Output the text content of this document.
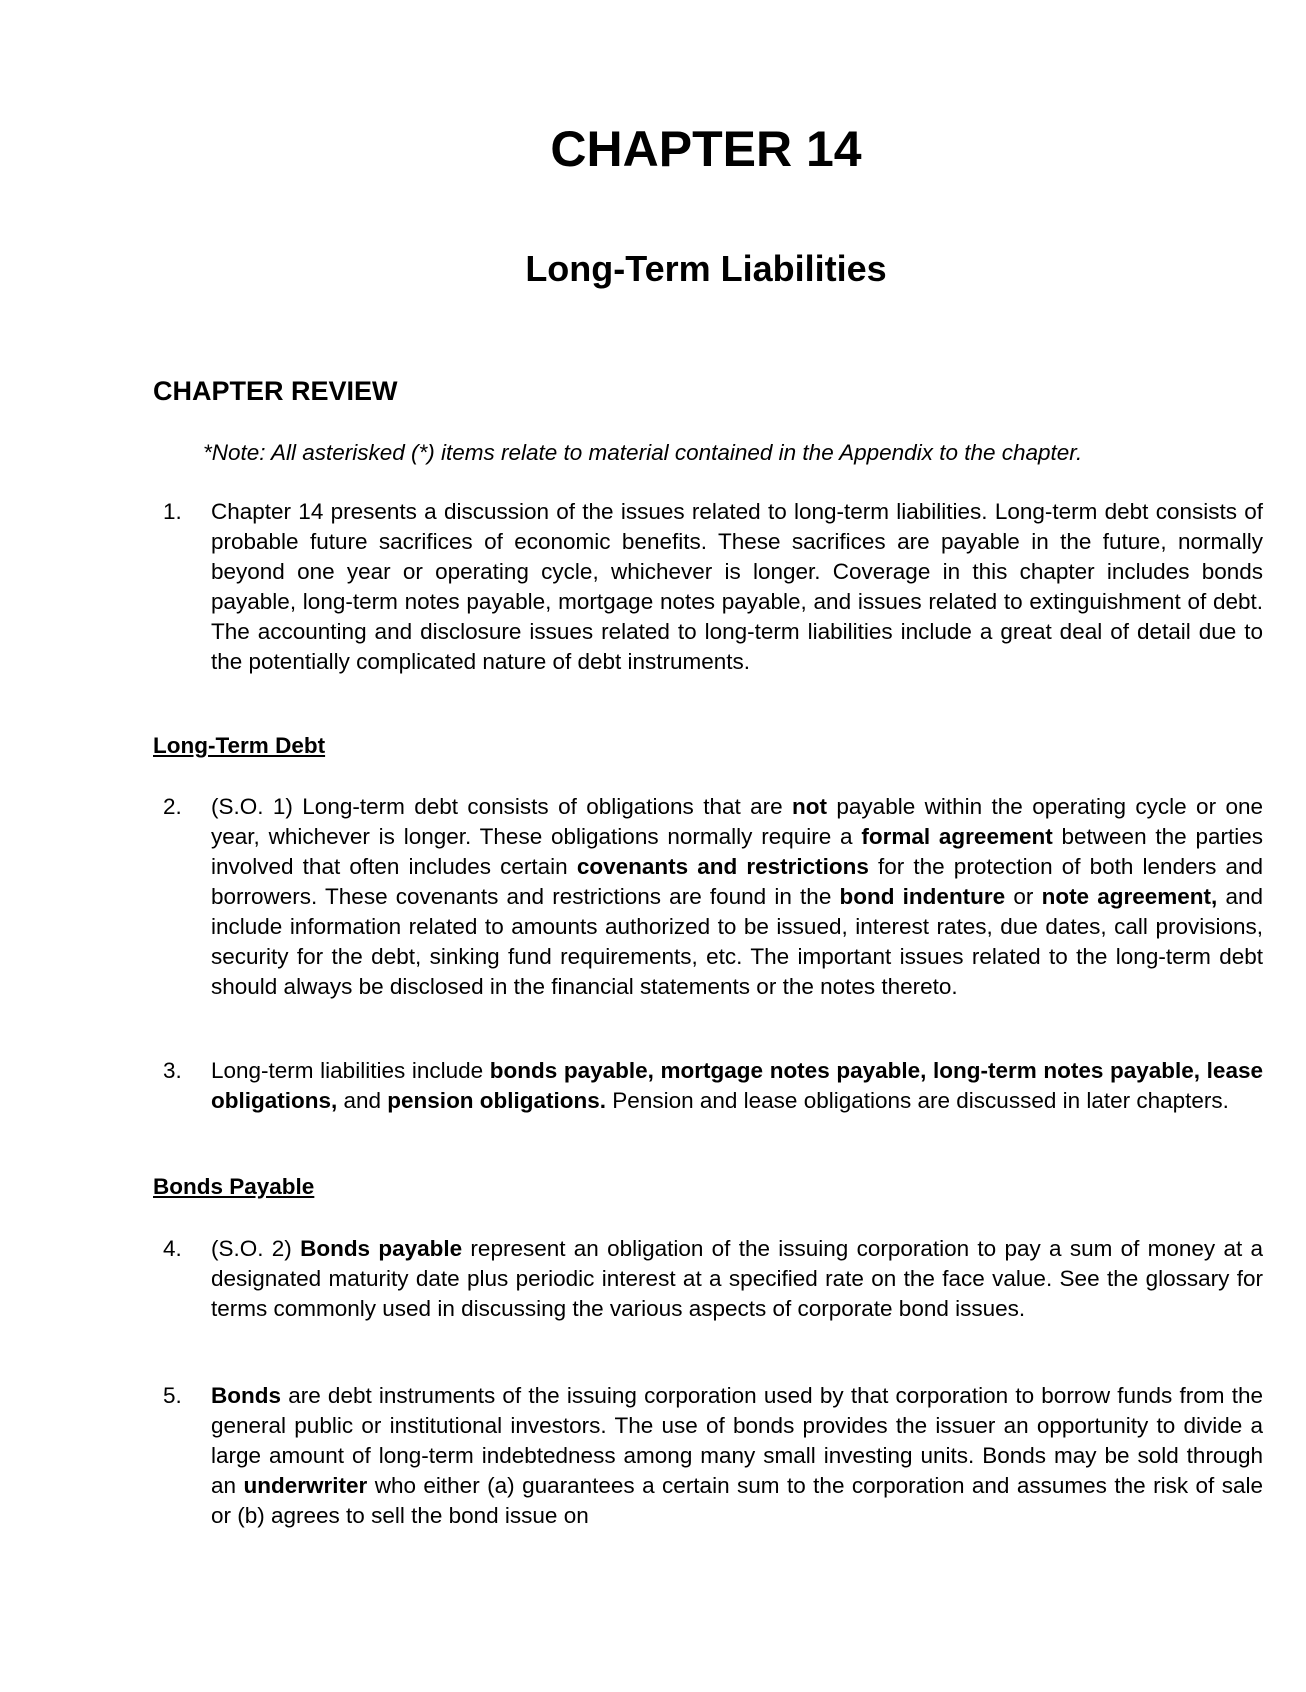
CHAPTER 14
Long-Term Liabilities
CHAPTER REVIEW
*Note: All asterisked (*) items relate to material contained in the Appendix to the chapter.
1.	Chapter 14 presents a discussion of the issues related to long-term liabilities. Long-term debt consists of probable future sacrifices of economic benefits. These sacrifices are payable in the future, normally beyond one year or operating cycle, whichever is longer. Coverage in this chapter includes bonds payable, long-term notes payable, mortgage notes payable, and issues related to extinguishment of debt. The accounting and disclosure issues related to long-term liabilities include a great deal of detail due to the potentially complicated nature of debt instruments.
Long-Term Debt
2.	(S.O. 1) Long-term debt consists of obligations that are not payable within the operating cycle or one year, whichever is longer. These obligations normally require a formal agreement between the parties involved that often includes certain covenants and restrictions for the protection of both lenders and borrowers. These covenants and restrictions are found in the bond indenture or note agreement, and include information related to amounts authorized to be issued, interest rates, due dates, call provisions, security for the debt, sinking fund requirements, etc. The important issues related to the long-term debt should always be disclosed in the financial statements or the notes thereto.
3.	Long-term liabilities include bonds payable, mortgage notes payable, long-term notes payable, lease obligations, and pension obligations. Pension and lease obligations are discussed in later chapters.
Bonds Payable
4.	(S.O. 2) Bonds payable represent an obligation of the issuing corporation to pay a sum of money at a designated maturity date plus periodic interest at a specified rate on the face value. See the glossary for terms commonly used in discussing the various aspects of corporate bond issues.
5.	Bonds are debt instruments of the issuing corporation used by that corporation to borrow funds from the general public or institutional investors. The use of bonds provides the issuer an opportunity to divide a large amount of long-term indebtedness among many small investing units. Bonds may be sold through an underwriter who either (a) guarantees a certain sum to the corporation and assumes the risk of sale or (b) agrees to sell the bond issue on
